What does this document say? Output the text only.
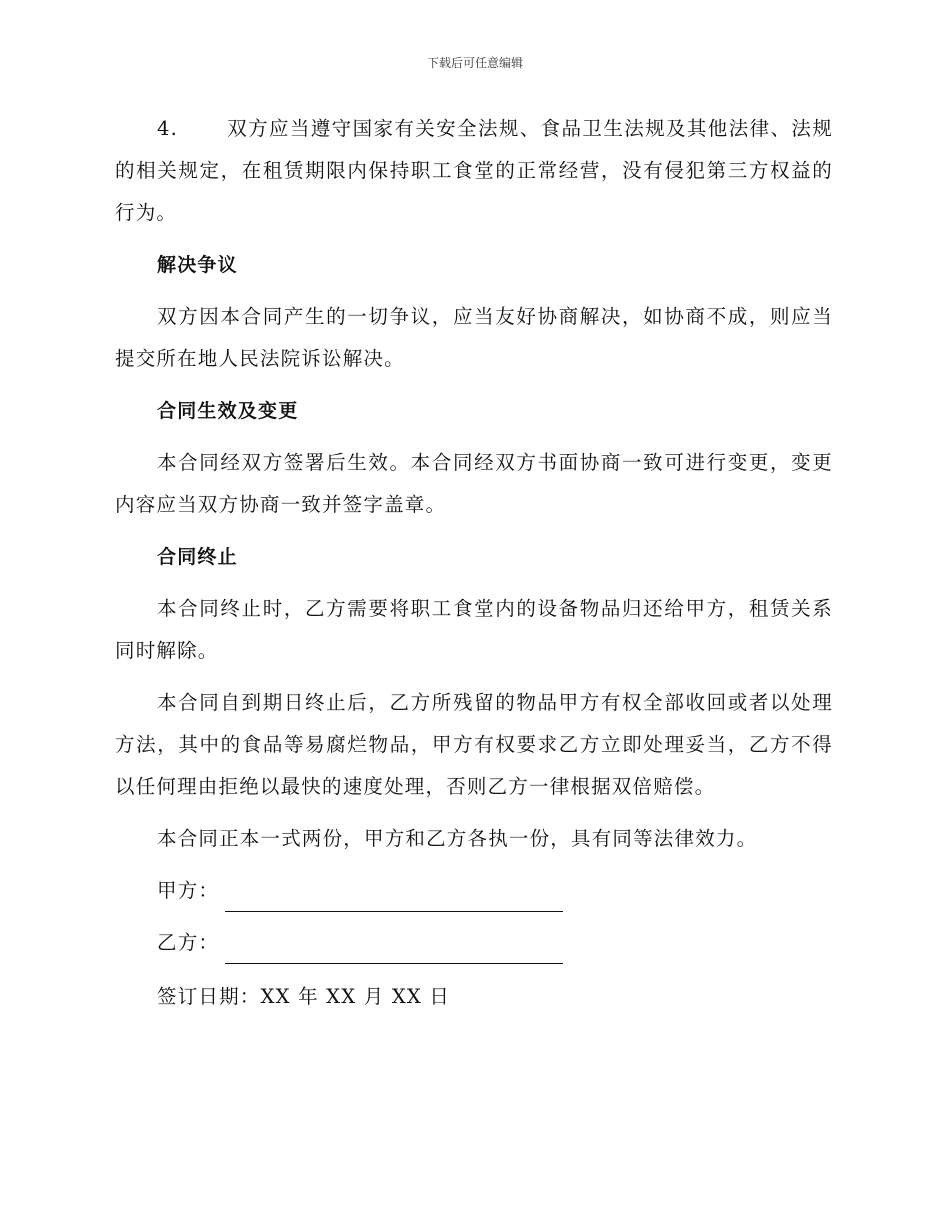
下载后可任意编辑

4.	双方应当遵守国家有关安全法规、食品卫生法规及其他法律、法规的相关规定，在租赁期限内保持职工食堂的正常经营，没有侵犯第三方权益的行为。

解决争议

双方因本合同产生的一切争议，应当友好协商解决，如协商不成，则应当提交所在地人民法院诉讼解决。

合同生效及变更

本合同经双方签署后生效。本合同经双方书面协商一致可进行变更，变更内容应当双方协商一致并签字盖章。

合同终止

本合同终止时，乙方需要将职工食堂内的设备物品归还给甲方，租赁关系同时解除。

本合同自到期日终止后，乙方所残留的物品甲方有权全部收回或者以处理方法，其中的食品等易腐烂物品，甲方有权要求乙方立即处理妥当，乙方不得以任何理由拒绝以最快的速度处理，否则乙方一律根据双倍赔偿。

本合同正本一式两份，甲方和乙方各执一份，具有同等法律效力。

甲方：
乙方：
签订日期：XX 年 XX 月 XX 日
